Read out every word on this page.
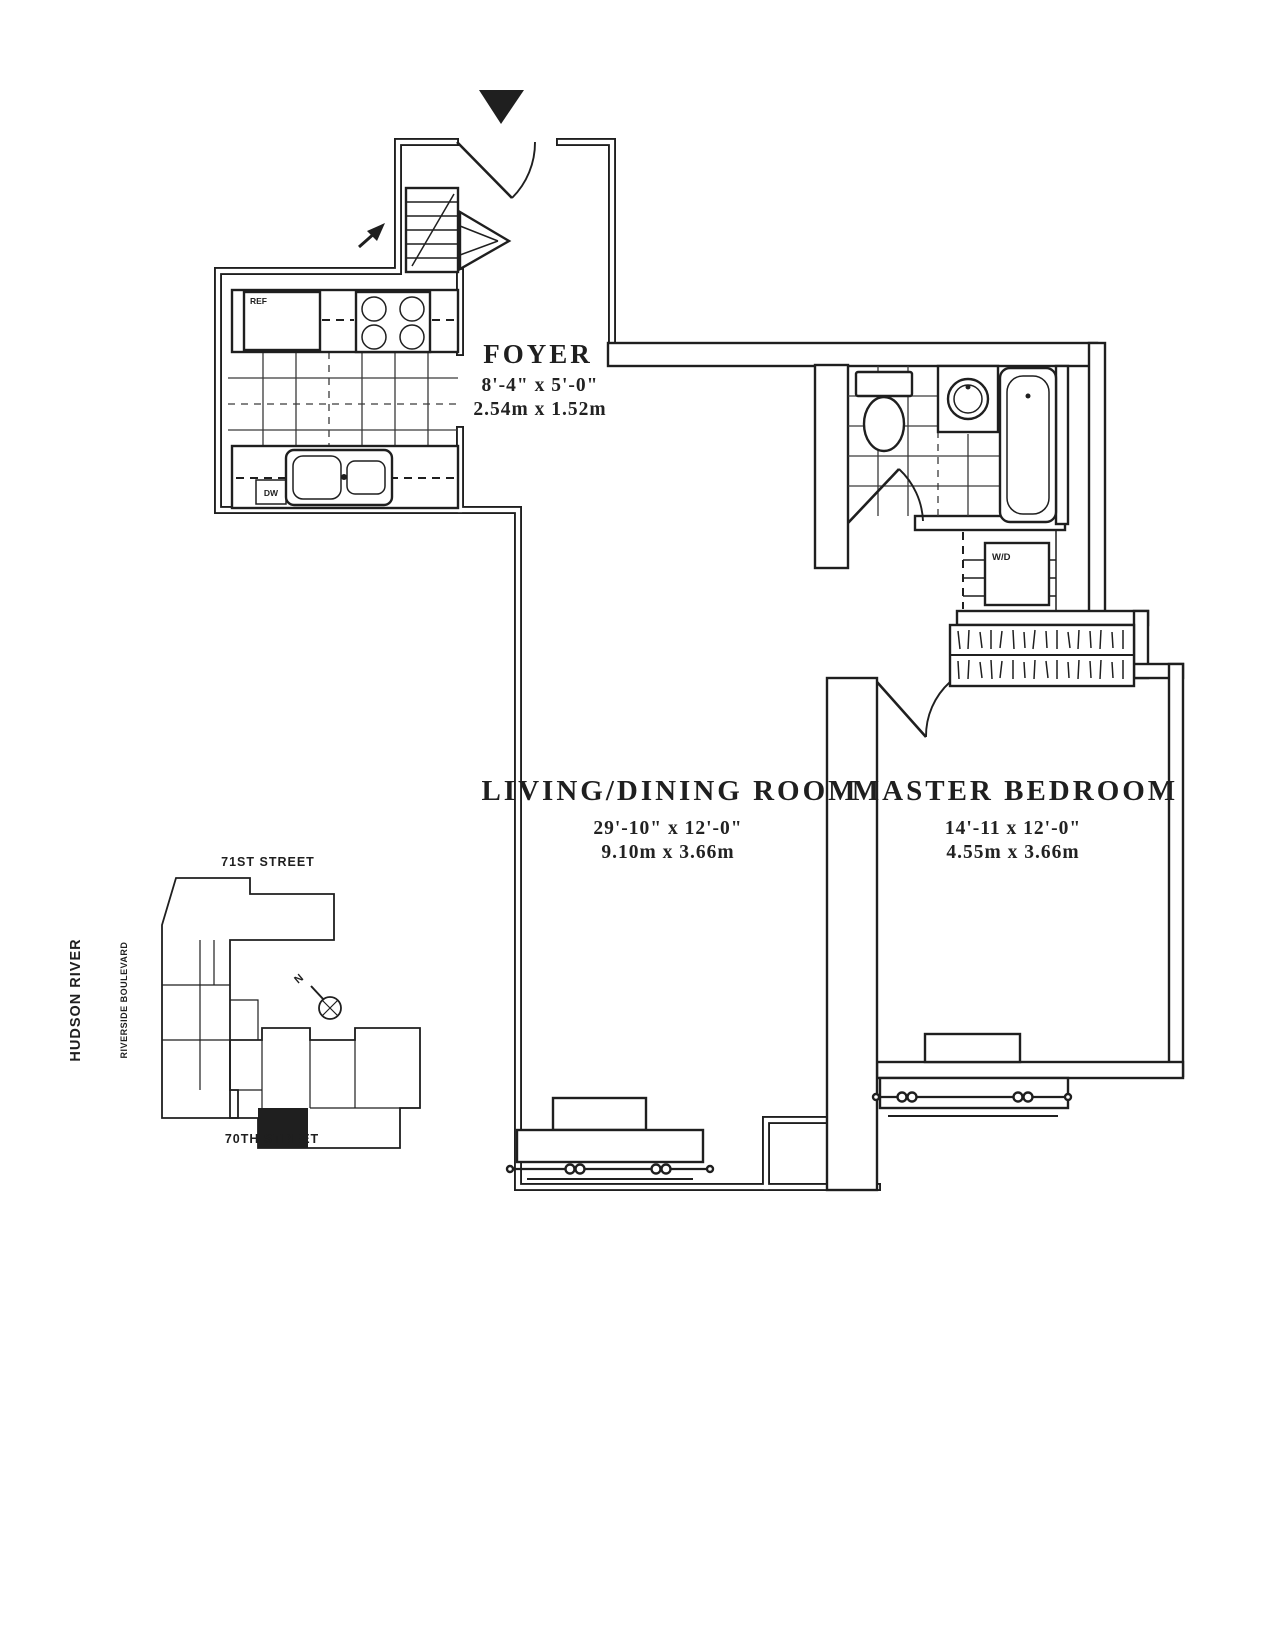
REF
DW
W/D
FOYER
8'-4" x 5'-0"
2.54m x 1.52m
LIVING/DINING ROOM
29'-10" x 12'-0"
9.10m x 3.66m
MASTER BEDROOM
14'-11 x 12'-0"
4.55m x 3.66m
N
71ST STREET
70TH STREET
HUDSON RIVER	RIVERSIDE BOULEVARD
